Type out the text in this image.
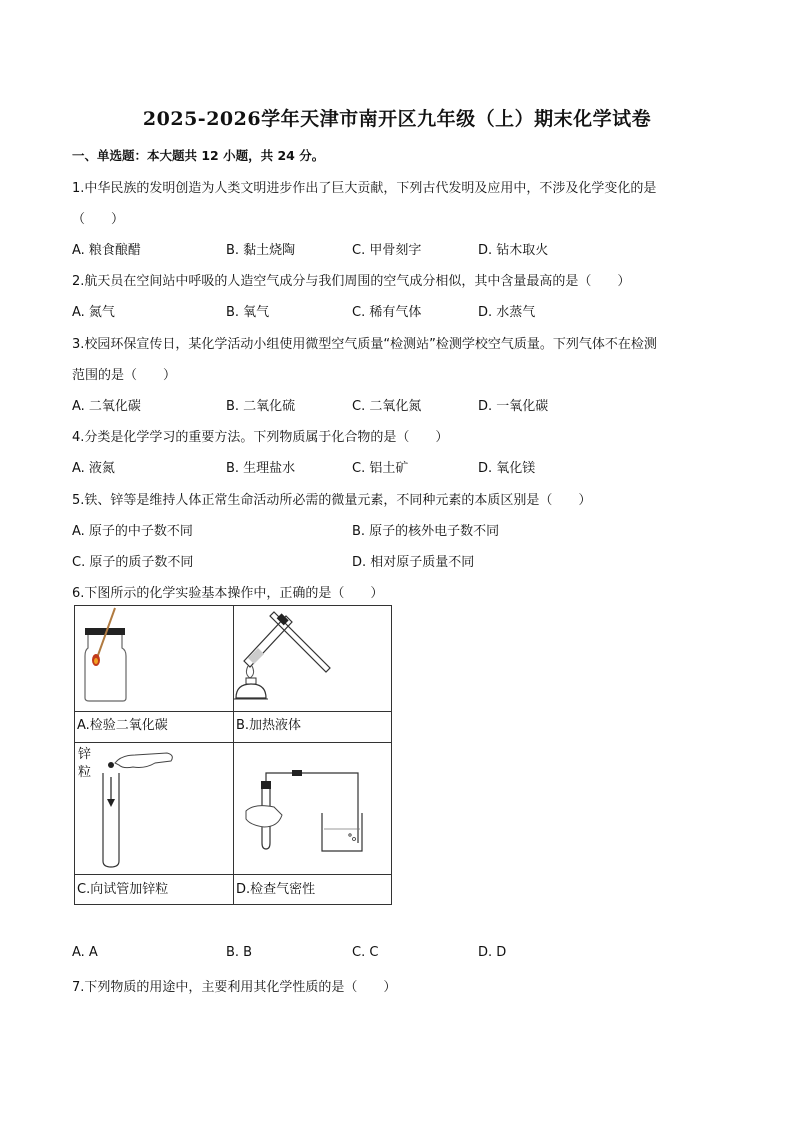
2025-2026学年天津市南开区九年级（上）期末化学试卷
一、单选题：本大题共 12 小题，共 24 分。
1.中华民族的发明创造为人类文明进步作出了巨大贡献，下列古代发明及应用中，不涉及化学变化的是
（　　）
A. 粮食酿醋	B. 黏土烧陶	C. 甲骨刻字	D. 钻木取火
2.航天员在空间站中呼吸的人造空气成分与我们周围的空气成分相似，其中含量最高的是（　　）
A. 氮气	B. 氧气	C. 稀有气体	D. 水蒸气
3.校园环保宣传日，某化学活动小组使用微型空气质量“检测站”检测学校空气质量。下列气体不在检测
范围的是（　　）
A. 二氧化碳	B. 二氧化硫	C. 二氧化氮	D. 一氧化碳
4.分类是化学学习的重要方法。下列物质属于化合物的是（　　）
A. 液氮	B. 生理盐水	C. 铝土矿	D. 氧化镁
5.铁、锌等是维持人体正常生命活动所必需的微量元素，不同种元素的本质区别是（　　）
A. 原子的中子数不同	B. 原子的核外电子数不同
C. 原子的质子数不同	D. 相对原子质量不同
6.下图所示的化学实验基本操作中，正确的是（　　）
A.检验二氧化碳	B.加热液体
锌
粒
C.向试管加锌粒	D.检查气密性
A. A	B. B	C. C	D. D
7.下列物质的用途中，主要利用其化学性质的是（　　）
